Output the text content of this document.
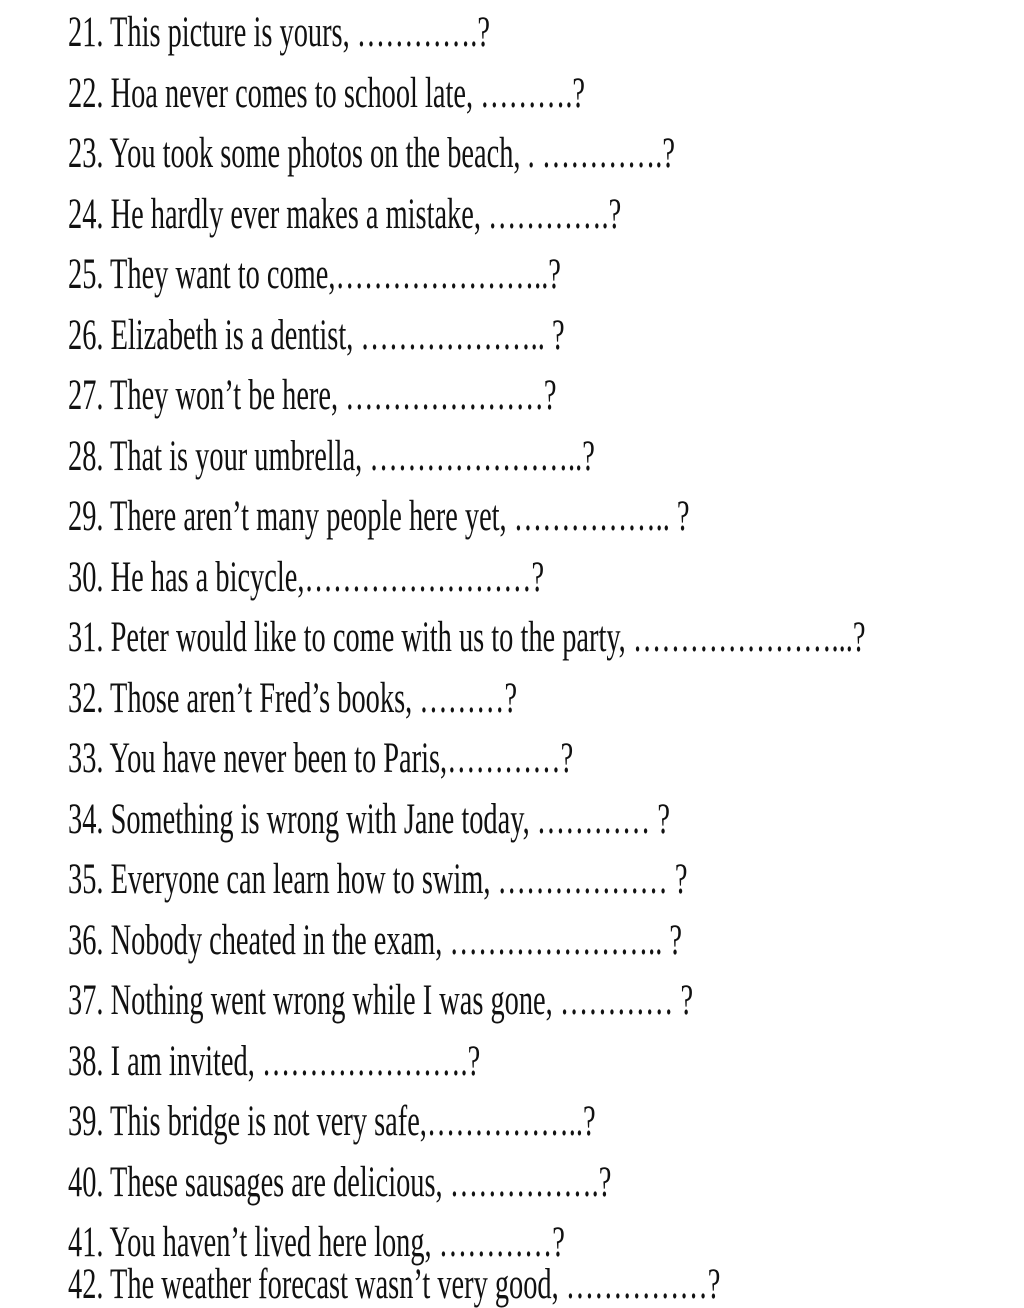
21. This picture is yours, ………….?
22. Hoa never comes to school late, ……….?
23. You took some photos on the beach, . ………….?
24. He hardly ever makes a mistake, ………….?
25. They want to come,…………………..?
26. Elizabeth is a dentist, ……………….. ?
27. They won’t be here, …………………?
28. That is your umbrella, …………………..?
29. There aren’t many people here yet, …………….. ?
30. He has a bicycle,……………………?
31. Peter would like to come with us to the party, …………………...?
32. Those aren’t Fred’s books, ………?
33. You have never been to Paris,…………?
34. Something is wrong with Jane today, ………… ?
35. Everyone can learn how to swim, ……………… ?
36. Nobody cheated in the exam, ………………….. ?
37. Nothing went wrong while I was gone, ………… ?
38. I am invited, ………………….?
39. This bridge is not very safe,……………..?
40. These sausages are delicious, …………….?
41. You haven’t lived here long, …………?
42. The weather forecast wasn’t very good, ……………?
